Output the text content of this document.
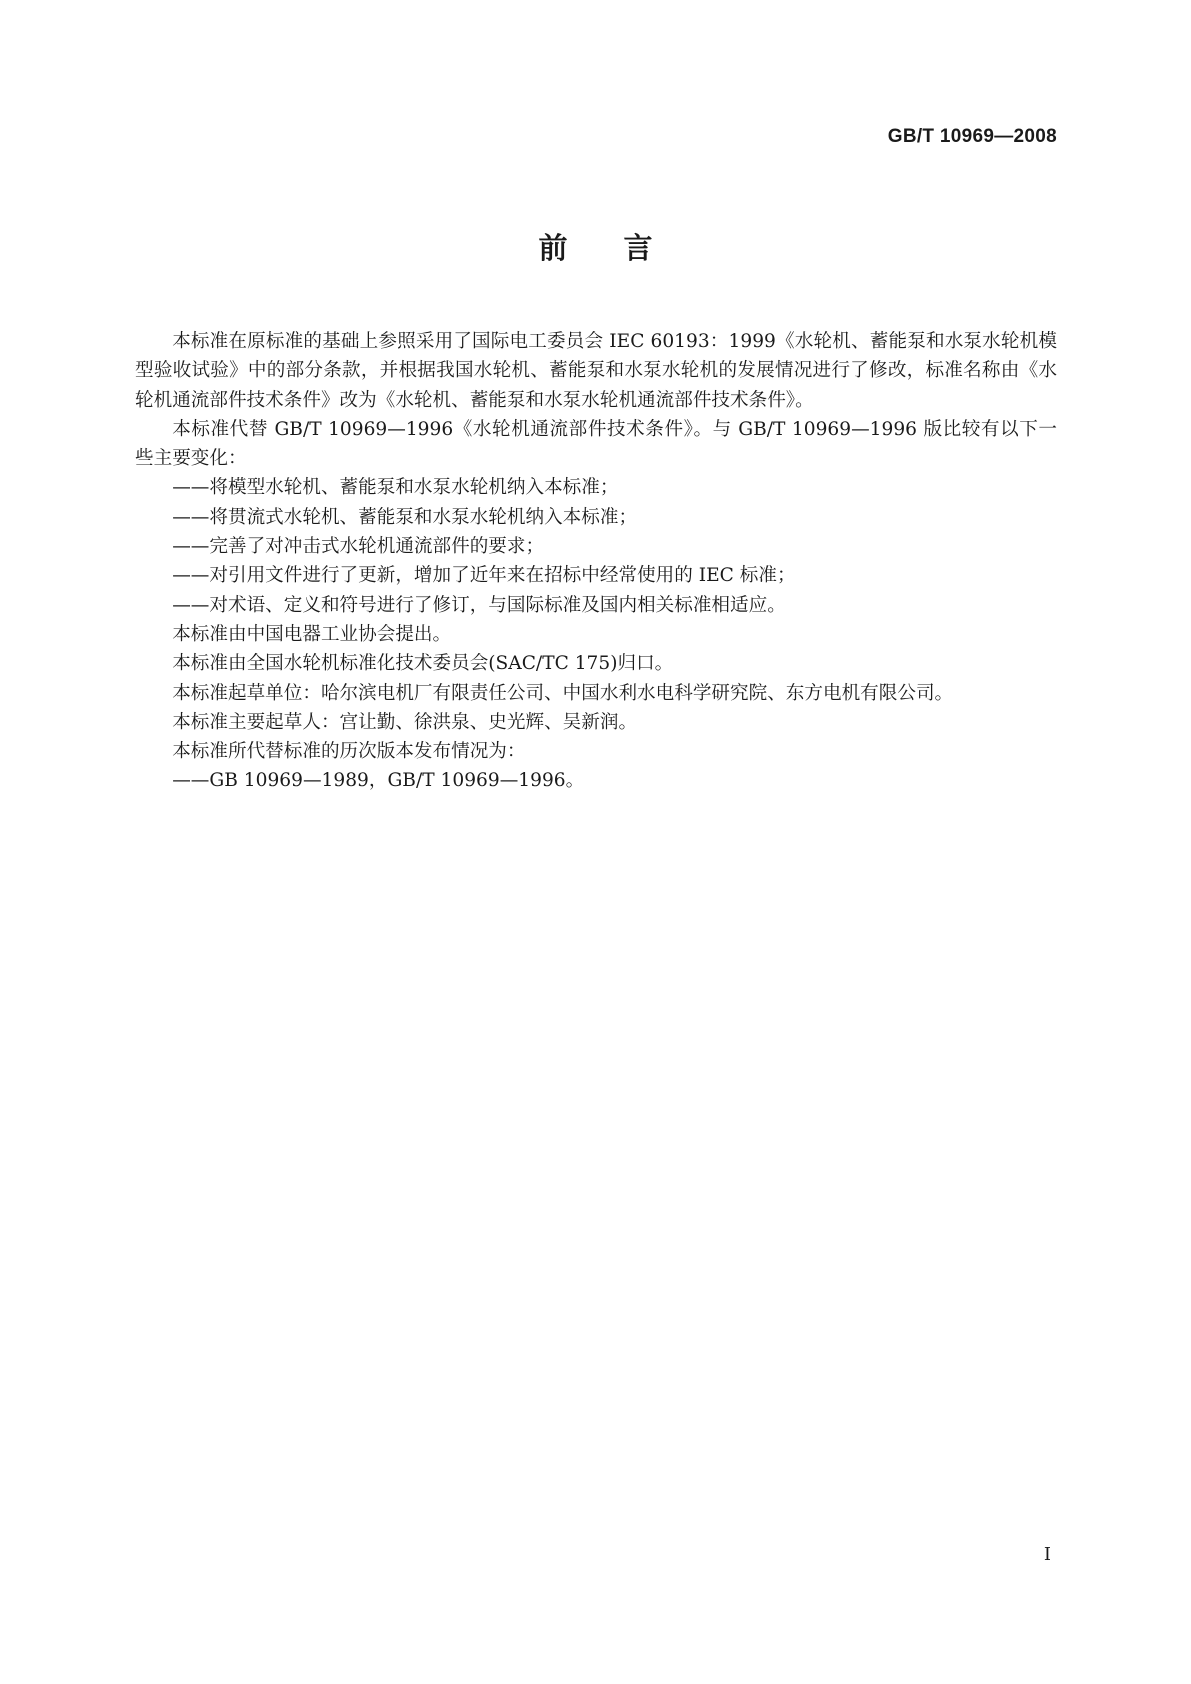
GB/T 10969—2008
前言

本标准在原标准的基础上参照采用了国际电工委员会 IEC 60193：1999《水轮机、蓄能泵和水泵水轮机模型验收试验》中的部分条款，并根据我国水轮机、蓄能泵和水泵水轮机的发展情况进行了修改，标准名称由《水轮机通流部件技术条件》改为《水轮机、蓄能泵和水泵水轮机通流部件技术条件》。

本标准代替 GB/T 10969—1996《水轮机通流部件技术条件》。与 GB/T 10969—1996 版比较有以下一些主要变化：

——将模型水轮机、蓄能泵和水泵水轮机纳入本标准；

——将贯流式水轮机、蓄能泵和水泵水轮机纳入本标准；

——完善了对冲击式水轮机通流部件的要求；

——对引用文件进行了更新，增加了近年来在招标中经常使用的 IEC 标准；

——对术语、定义和符号进行了修订，与国际标准及国内相关标准相适应。

本标准由中国电器工业协会提出。

本标准由全国水轮机标准化技术委员会(SAC/TC 175)归口。

本标准起草单位：哈尔滨电机厂有限责任公司、中国水利水电科学研究院、东方电机有限公司。

本标准主要起草人：宫让勤、徐洪泉、史光辉、吴新润。

本标准所代替标准的历次版本发布情况为：

——GB 10969—1989，GB/T 10969—1996。

I
